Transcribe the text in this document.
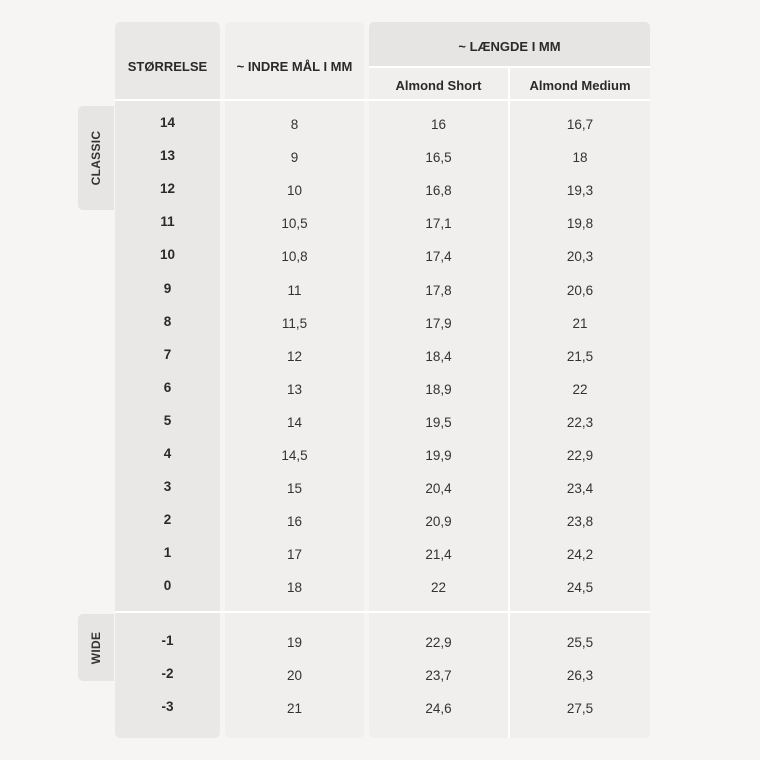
CLASSIC
WIDE
STØRRELSE	~ INDRE MÅL I MM
~ LÆNGDE I MM
Almond Short	Almond Medium
14	8	16	16,7
13	9	16,5	18
12	10	16,8	19,3
11	10,5	17,1	19,8
10	10,8	17,4	20,3
9	11	17,8	20,6
8	11,5	17,9	21
7	12	18,4	21,5
6	13	18,9	22
5	14	19,5	22,3
4	14,5	19,9	22,9
3	15	20,4	23,4
2	16	20,9	23,8
1	17	21,4	24,2
0	18	22	24,5
-1	19	22,9	25,5
-2	20	23,7	26,3
-3	21	24,6	27,5
